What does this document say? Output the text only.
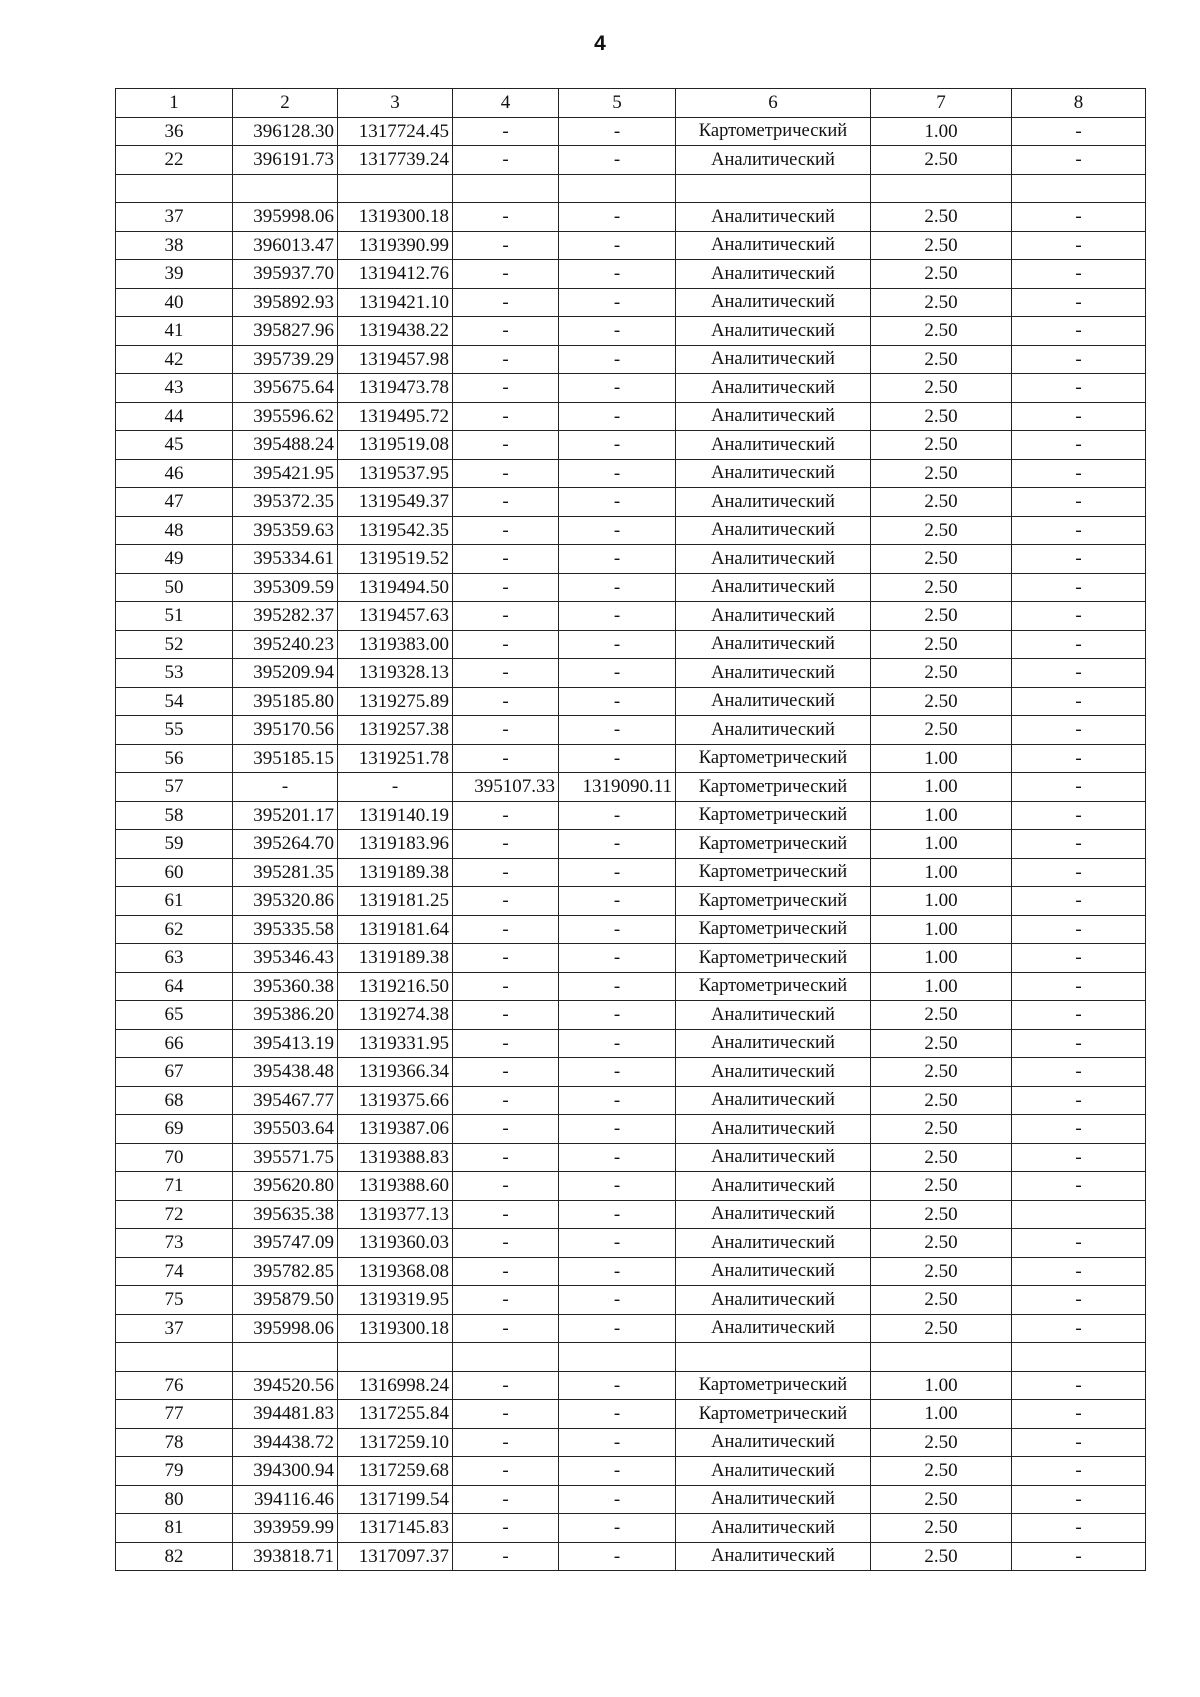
4
1	2	3	4	5	6	7	8
36	396128.30	1317724.45	-	-	Картометрический	1.00	-
22	396191.73	1317739.24	-	-	Аналитический	2.50	-

37	395998.06	1319300.18	-	-	Аналитический	2.50	-
38	396013.47	1319390.99	-	-	Аналитический	2.50	-
39	395937.70	1319412.76	-	-	Аналитический	2.50	-
40	395892.93	1319421.10	-	-	Аналитический	2.50	-
41	395827.96	1319438.22	-	-	Аналитический	2.50	-
42	395739.29	1319457.98	-	-	Аналитический	2.50	-
43	395675.64	1319473.78	-	-	Аналитический	2.50	-
44	395596.62	1319495.72	-	-	Аналитический	2.50	-
45	395488.24	1319519.08	-	-	Аналитический	2.50	-
46	395421.95	1319537.95	-	-	Аналитический	2.50	-
47	395372.35	1319549.37	-	-	Аналитический	2.50	-
48	395359.63	1319542.35	-	-	Аналитический	2.50	-
49	395334.61	1319519.52	-	-	Аналитический	2.50	-
50	395309.59	1319494.50	-	-	Аналитический	2.50	-
51	395282.37	1319457.63	-	-	Аналитический	2.50	-
52	395240.23	1319383.00	-	-	Аналитический	2.50	-
53	395209.94	1319328.13	-	-	Аналитический	2.50	-
54	395185.80	1319275.89	-	-	Аналитический	2.50	-
55	395170.56	1319257.38	-	-	Аналитический	2.50	-
56	395185.15	1319251.78	-	-	Картометрический	1.00	-
57	-	-	395107.33	1319090.11	Картометрический	1.00	-
58	395201.17	1319140.19	-	-	Картометрический	1.00	-
59	395264.70	1319183.96	-	-	Картометрический	1.00	-
60	395281.35	1319189.38	-	-	Картометрический	1.00	-
61	395320.86	1319181.25	-	-	Картометрический	1.00	-
62	395335.58	1319181.64	-	-	Картометрический	1.00	-
63	395346.43	1319189.38	-	-	Картометрический	1.00	-
64	395360.38	1319216.50	-	-	Картометрический	1.00	-
65	395386.20	1319274.38	-	-	Аналитический	2.50	-
66	395413.19	1319331.95	-	-	Аналитический	2.50	-
67	395438.48	1319366.34	-	-	Аналитический	2.50	-
68	395467.77	1319375.66	-	-	Аналитический	2.50	-
69	395503.64	1319387.06	-	-	Аналитический	2.50	-
70	395571.75	1319388.83	-	-	Аналитический	2.50	-
71	395620.80	1319388.60	-	-	Аналитический	2.50	-
72	395635.38	1319377.13	-	-	Аналитический	2.50	
73	395747.09	1319360.03	-	-	Аналитический	2.50	-
74	395782.85	1319368.08	-	-	Аналитический	2.50	-
75	395879.50	1319319.95	-	-	Аналитический	2.50	-
37	395998.06	1319300.18	-	-	Аналитический	2.50	-

76	394520.56	1316998.24	-	-	Картометрический	1.00	-
77	394481.83	1317255.84	-	-	Картометрический	1.00	-
78	394438.72	1317259.10	-	-	Аналитический	2.50	-
79	394300.94	1317259.68	-	-	Аналитический	2.50	-
80	394116.46	1317199.54	-	-	Аналитический	2.50	-
81	393959.99	1317145.83	-	-	Аналитический	2.50	-
82	393818.71	1317097.37	-	-	Аналитический	2.50	-
